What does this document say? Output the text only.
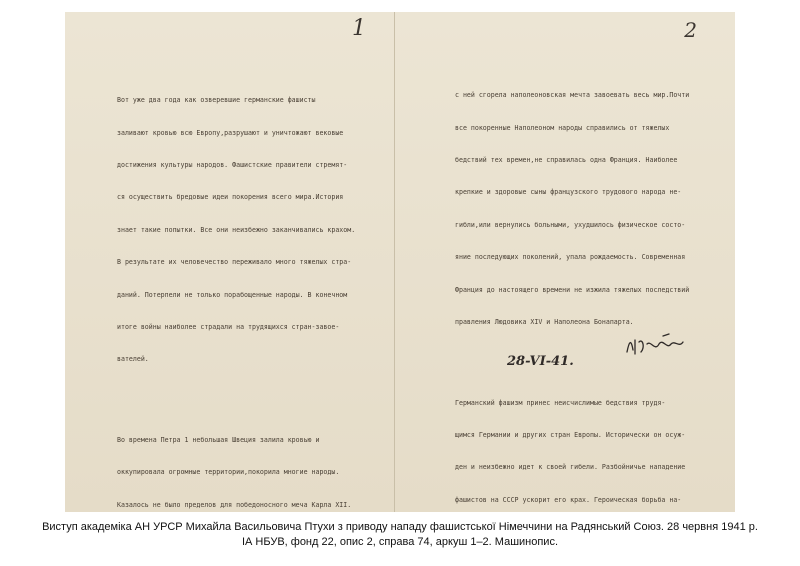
1

Вот уже два года как озверевшие германские фашисты

заливают кровью всю Европу,разрушают и уничтожают вековые

достижения культуры народов. Фашистские правители стремят-

ся осуществить бредовые идеи покорения всего мира.История

знает такие попытки. Все они неизбежно заканчивались крахом.

В результате их человечество переживало много тяжелых стра-

даний. Потерпели не только порабощенные народы. В конечном

итоге войны наиболее страдали на трудящихся стран-завое-

вателей.

Во времена Петра 1 небольшая Швеция залила кровью и

оккупировала огромные территории,покорила многие народы.

Казалось не было пределов для победоносного меча Карла XII.

2

с ней сгорела наполеоновская мечта завоевать весь мир.Почти

все покоренные Наполеоном народы справились от тяжелых

бедствий тех времен,не справилась одна Франция. Наиболее

крепкие и здоровые сыны французского трудового народа не-

гибли,или вернулись больными, ухудшилось физическое состо-

яние последующих поколений, упала рождаемость. Современная

Франция до настоящего времени не изжила тяжелых последствий

правления Людовика XIV и Наполеона Бонапарта.

Германский фашизм принес неисчислимые бедствия трудя-

щимся Германии и других стран Европы. Исторически он осуж-

ден и неизбежно идет к своей гибели. Разбойничье нападение

фашистов на СССР ускорит его крах. Героическая борьба на-

28-VI-41.
Виступ академіка АН УРСР Михайла Васильовича Птухи з приводу нападу фашистської Німеччини на Радянський Союз. 28 червня 1941 р.
ІА НБУВ, фонд 22, опис 2, справа 74, аркуш 1–2. Машинопис.
